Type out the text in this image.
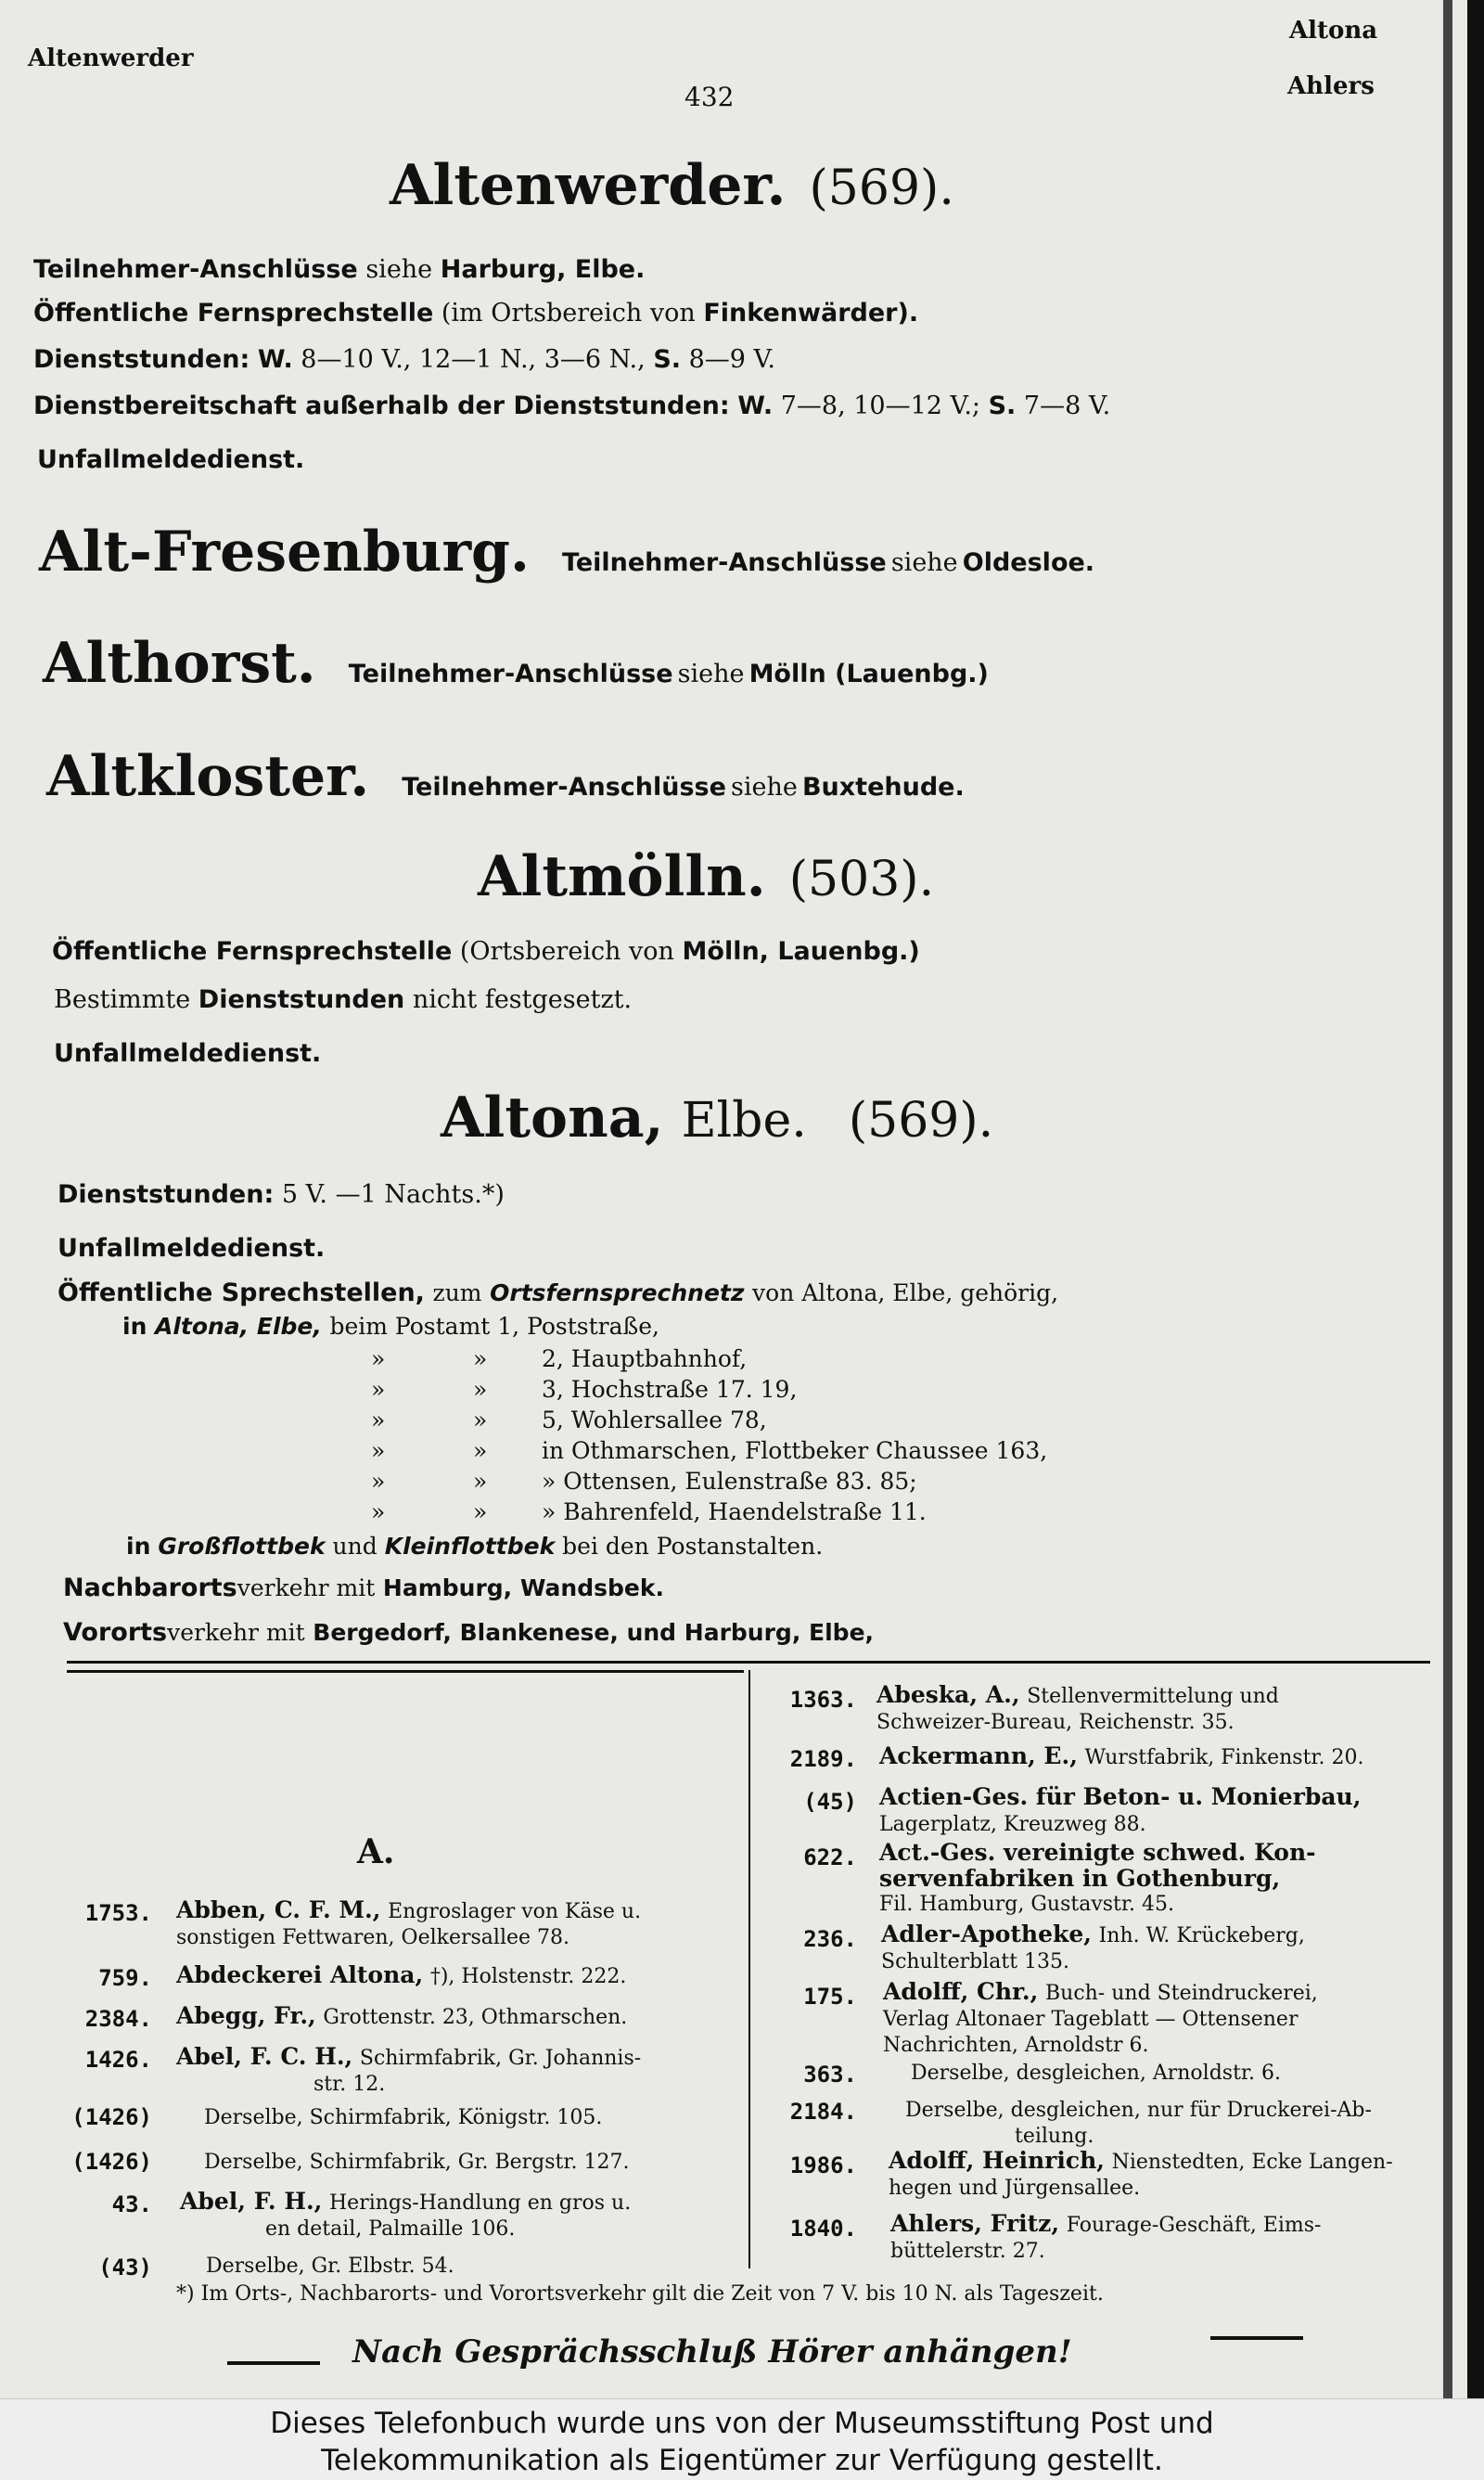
Altenwerder
432
Altona
Ahlers
Altenwerder. (569).
Teilnehmer-Anschlüsse siehe Harburg, Elbe.
Öffentliche Fernsprechstelle (im Ortsbereich von Finkenwärder).
Dienststunden: W. 8—10 V., 12—1 N., 3—6 N., S. 8—9 V.
Dienstbereitschaft außerhalb der Dienststunden: W. 7—8, 10—12 V.; S. 7—8 V.
Unfallmeldedienst.
Alt-Fresenburg. Teilnehmer-Anschlüsse siehe Oldesloe.
Althorst. Teilnehmer-Anschlüsse siehe Mölln (Lauenbg.)
Altkloster. Teilnehmer-Anschlüsse siehe Buxtehude.
Altmölln. (503).
Öffentliche Fernsprechstelle (Ortsbereich von Mölln, Lauenbg.)
Bestimmte Dienststunden nicht festgesetzt.
Unfallmeldedienst.
Altona, Elbe. (569).
Dienststunden: 5 V. —1 Nachts.*)
Unfallmeldedienst.
Öffentliche Sprechstellen, zum Ortsfernsprechnetz von Altona, Elbe, gehörig,
in Altona, Elbe, beim Postamt 1, Poststraße,
»	» 2, Hauptbahnhof,
»	» 3, Hochstraße 17. 19,
»	» 5, Wohlersallee 78,
»	» in Othmarschen, Flottbeker Chaussee 163,
»	» » Ottensen, Eulenstraße 83. 85;
»	» » Bahrenfeld, Haendelstraße 11.
in Großflottbek und Kleinflottbek bei den Postanstalten.
Nachbarortsverkehr mit Hamburg, Wandsbek.
Vorortsverkehr mit Bergedorf, Blankenese, und Harburg, Elbe,
A.
1753. Abben, C. F. M., Engroslager von Käse u.
sonstigen Fettwaren, Oelkersallee 78.
759. Abdeckerei Altona, †), Holstenstr. 222.
2384. Abegg, Fr., Grottenstr. 23, Othmarschen.
1426. Abel, F. C. H., Schirmfabrik, Gr. Johannis-
str. 12.
(1426)	Derselbe, Schirmfabrik, Königstr. 105.
(1426)	Derselbe, Schirmfabrik, Gr. Bergstr. 127.
43. Abel, F. H., Herings-Handlung en gros u.
en detail, Palmaille 106.
(43)	Derselbe, Gr. Elbstr. 54.
1363. Abeska, A., Stellenvermittelung und
Schweizer-Bureau, Reichenstr. 35.
2189. Ackermann, E., Wurstfabrik, Finkenstr. 20.
(45) Actien-Ges. für Beton- u. Monierbau,
Lagerplatz, Kreuzweg 88.
622. Act.-Ges. vereinigte schwed. Kon-
servenfabriken in Gothenburg,
Fil. Hamburg, Gustavstr. 45.
236. Adler-Apotheke, Inh. W. Krückeberg,
Schulterblatt 135.
175. Adolff, Chr., Buch- und Steindruckerei,
Verlag Altonaer Tageblatt — Ottensener
Nachrichten, Arnoldstr 6.
363.	Derselbe, desgleichen, Arnoldstr. 6.
2184. Derselbe, desgleichen, nur für Druckerei-Ab-
teilung.
1986. Adolff, Heinrich, Nienstedten, Ecke Langen-
hegen und Jürgensallee.
1840. Ahlers, Fritz, Fourage-Geschäft, Eims-
büttelerstr. 27.
*) Im Orts-, Nachbarorts- und Vorortsverkehr gilt die Zeit von 7 V. bis 10 N. als Tageszeit.
Nach Gesprächsschluß Hörer anhängen!
Dieses Telefonbuch wurde uns von der Museumsstiftung Post und
Telekommunikation als Eigentümer zur Verfügung gestellt.
